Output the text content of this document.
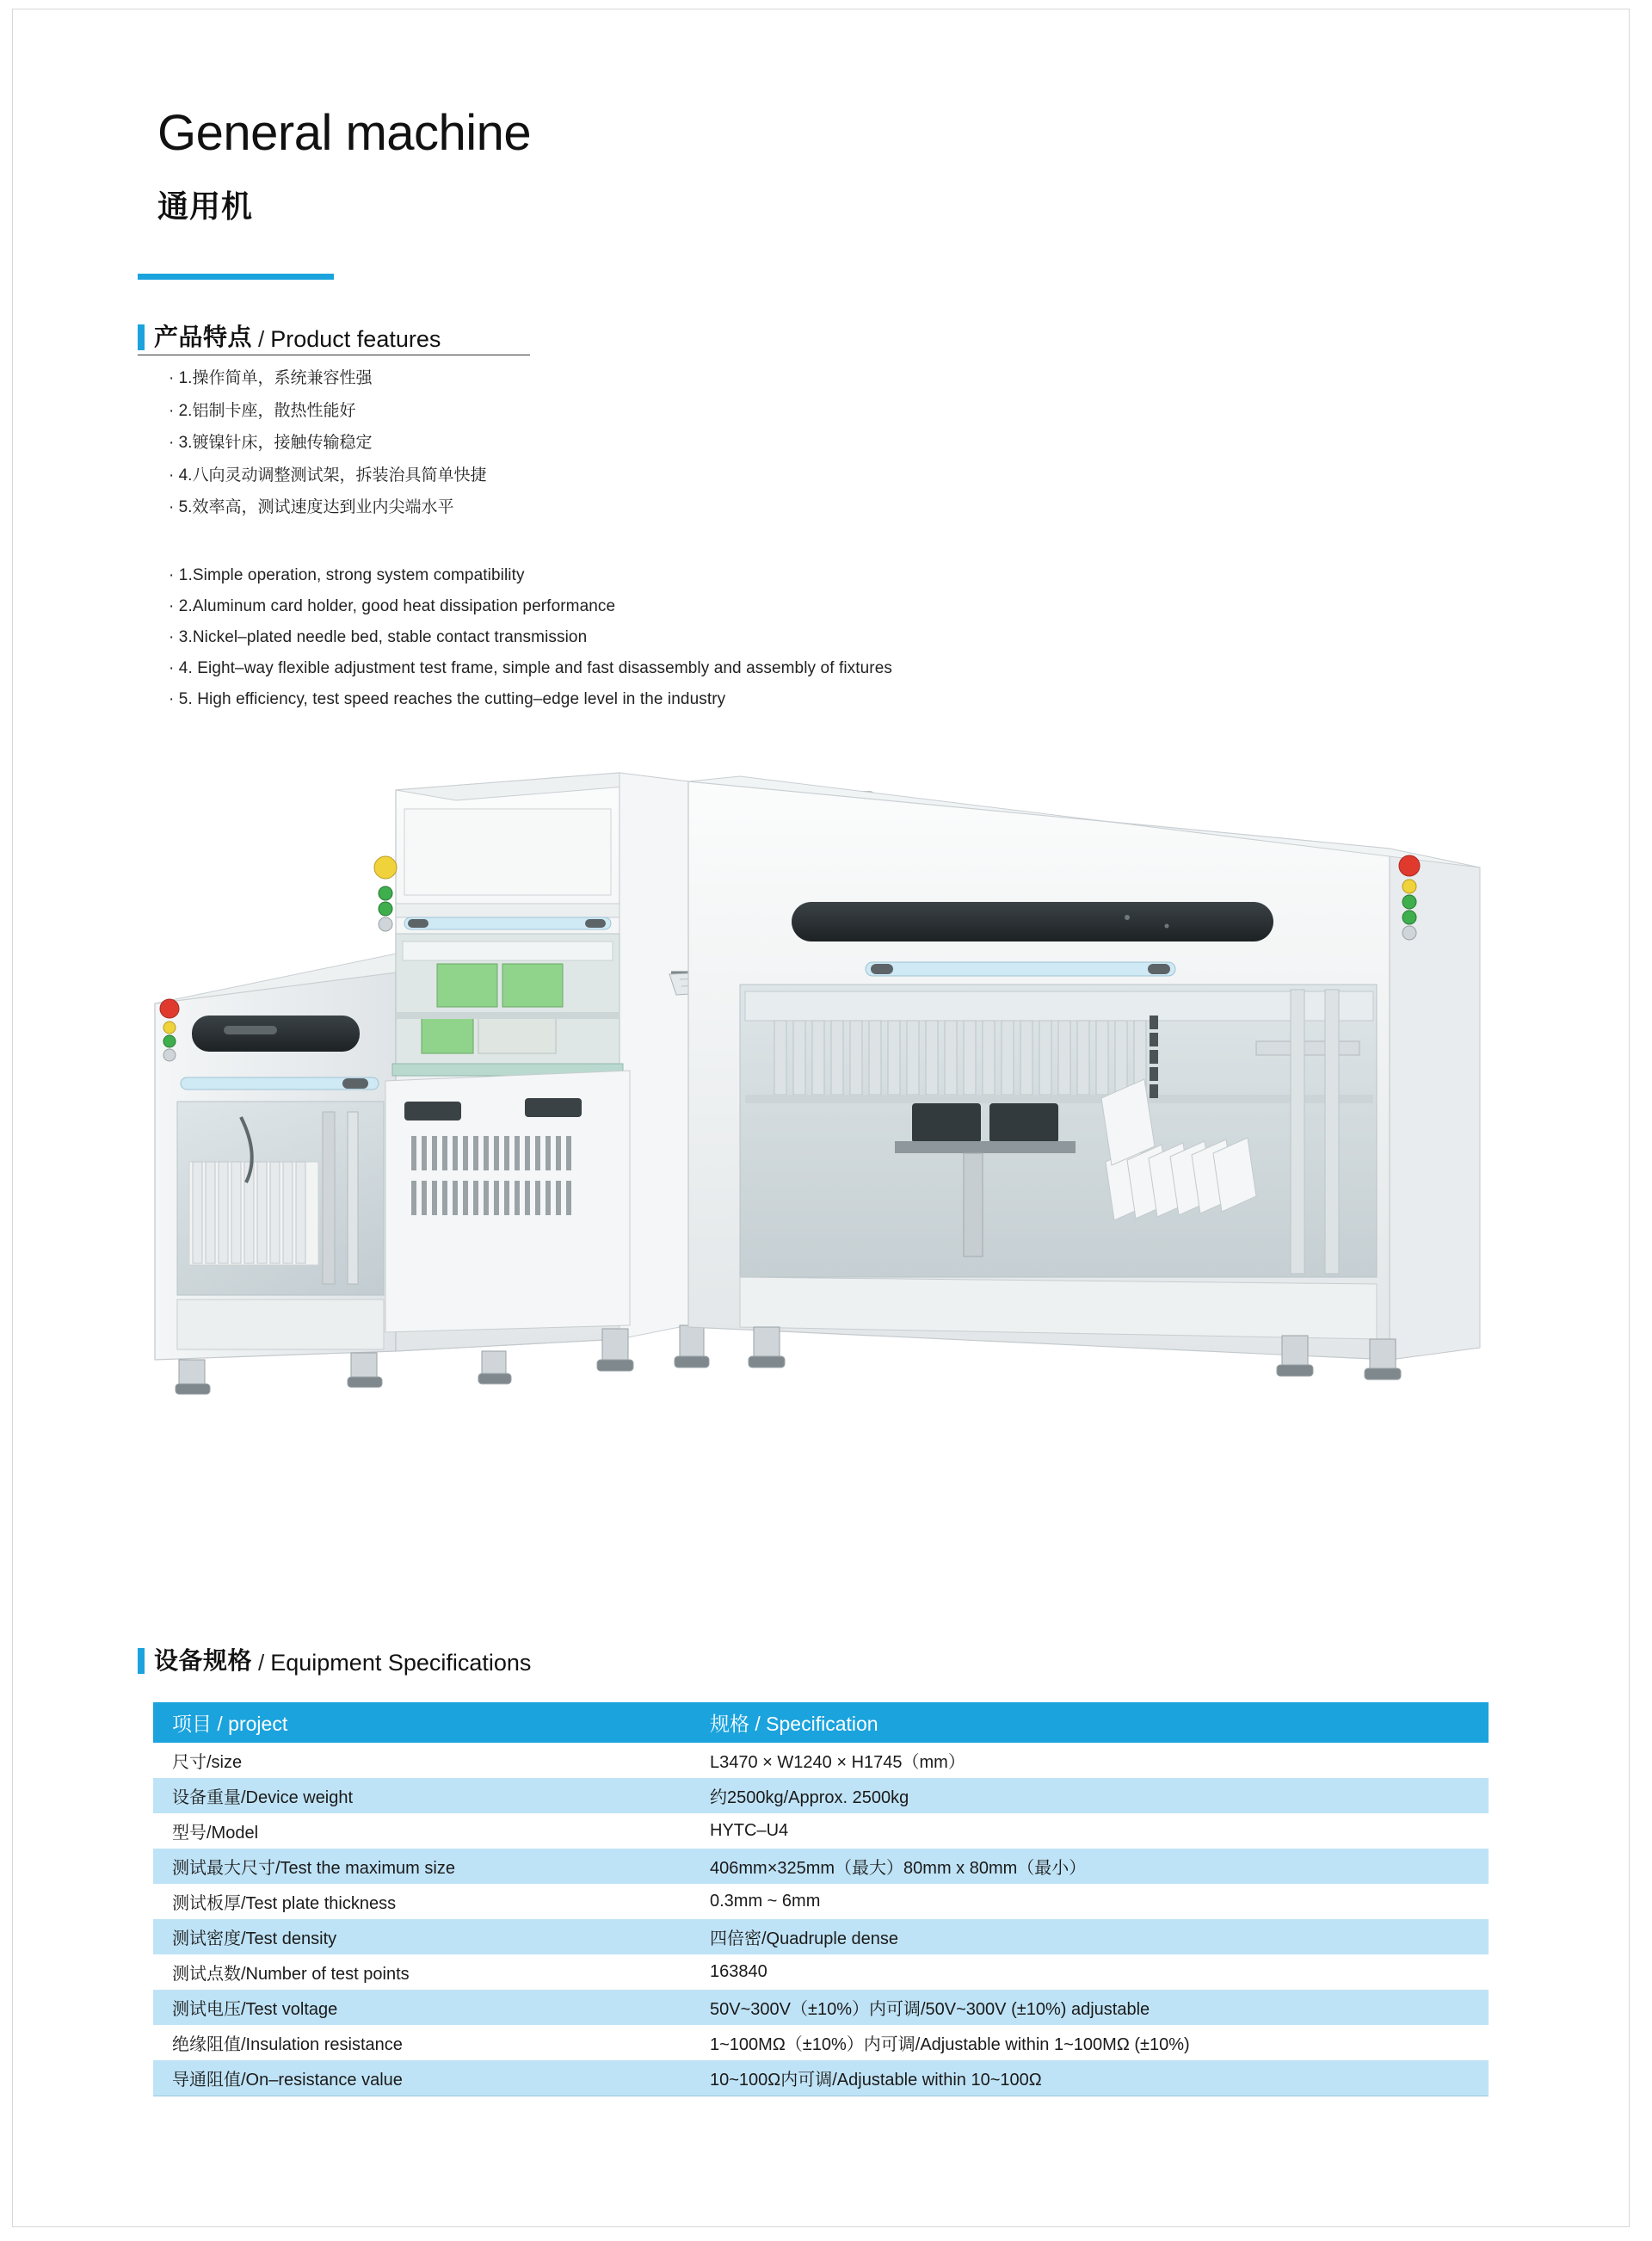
General machine
通用机
产品特点 / Product features
· 1.操作简单，系统兼容性强
· 2.铝制卡座，散热性能好
· 3.镀镍针床，接触传输稳定
· 4.八向灵动调整测试架，拆装治具简单快捷
· 5.效率高，测试速度达到业内尖端水平
· 1.Simple operation, strong system compatibility
· 2.Aluminum card holder, good heat dissipation performance
· 3.Nickel–plated needle bed, stable contact transmission
· 4. Eight–way flexible adjustment test frame, simple and fast disassembly and assembly of fixtures
· 5. High efficiency, test speed reaches the cutting–edge level in the industry
设备规格 / Equipment Specifications
项目 / project	规格 / Specification
尺寸/size	L3470 × W1240 × H1745（mm）
设备重量/Device weight	约2500kg/Approx. 2500kg
型号/Model	HYTC–U4
测试最大尺寸/Test the maximum size	406mm×325mm（最大）80mm x 80mm（最小）
测试板厚/Test plate thickness	0.3mm ~ 6mm
测试密度/Test density	四倍密/Quadruple dense
测试点数/Number of test points	163840
测试电压/Test voltage	50V~300V（±10%）内可调/50V~300V (±10%) adjustable
绝缘阻值/Insulation resistance	1~100MΩ（±10%）内可调/Adjustable within 1~100MΩ (±10%)
导通阻值/On–resistance value	10~100Ω内可调/Adjustable within 10~100Ω
